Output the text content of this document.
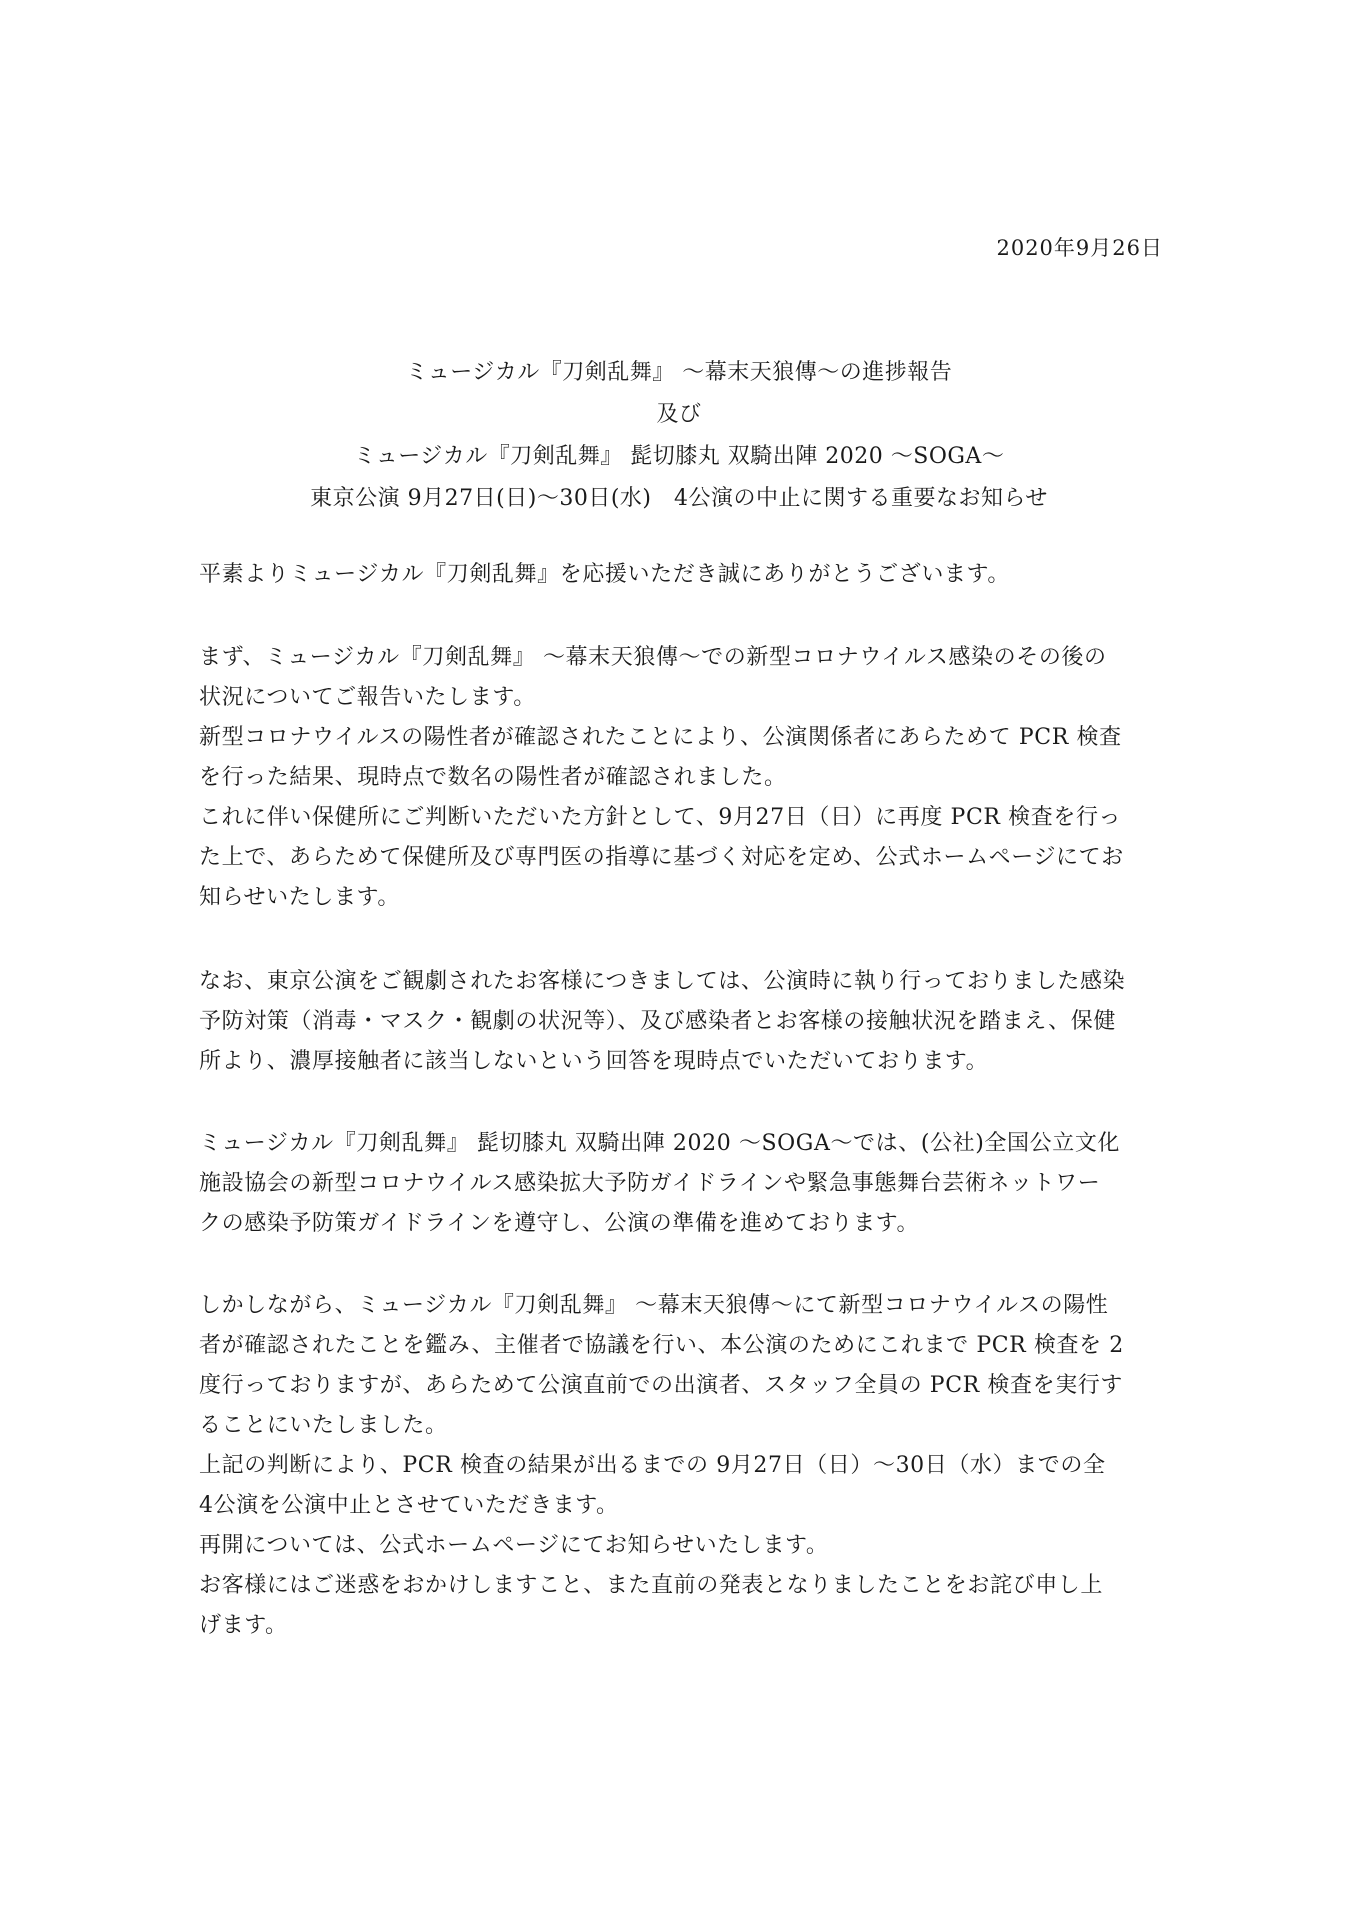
2020年9月26日
ミュージカル『刀剣乱舞』 ～幕末天狼傳～の進捗報告
及び
ミュージカル『刀剣乱舞』 髭切膝丸 双騎出陣 2020 ～SOGA～
東京公演 9月27日(日)～30日(水)　4公演の中止に関する重要なお知らせ
平素よりミュージカル『刀剣乱舞』を応援いただき誠にありがとうございます。
まず、ミュージカル『刀剣乱舞』 ～幕末天狼傳～での新型コロナウイルス感染のその後の
状況についてご報告いたします。
新型コロナウイルスの陽性者が確認されたことにより、公演関係者にあらためて PCR 検査
を行った結果、現時点で数名の陽性者が確認されました。
これに伴い保健所にご判断いただいた方針として、9月27日（日）に再度 PCR 検査を行っ
た上で、あらためて保健所及び専門医の指導に基づく対応を定め、公式ホームページにてお
知らせいたします。
なお、東京公演をご観劇されたお客様につきましては、公演時に執り行っておりました感染
予防対策（消毒・マスク・観劇の状況等）、及び感染者とお客様の接触状況を踏まえ、保健
所より、濃厚接触者に該当しないという回答を現時点でいただいております。
ミュージカル『刀剣乱舞』 髭切膝丸 双騎出陣 2020 ～SOGA～では、(公社)全国公立文化
施設協会の新型コロナウイルス感染拡大予防ガイドラインや緊急事態舞台芸術ネットワー
クの感染予防策ガイドラインを遵守し、公演の準備を進めております。
しかしながら、ミュージカル『刀剣乱舞』 ～幕末天狼傳～にて新型コロナウイルスの陽性
者が確認されたことを鑑み、主催者で協議を行い、本公演のためにこれまで PCR 検査を 2
度行っておりますが、あらためて公演直前での出演者、スタッフ全員の PCR 検査を実行す
ることにいたしました。
上記の判断により、PCR 検査の結果が出るまでの 9月27日（日）～30日（水）までの全
4公演を公演中止とさせていただきます。
再開については、公式ホームページにてお知らせいたします。
お客様にはご迷惑をおかけしますこと、また直前の発表となりましたことをお詫び申し上
げます。
